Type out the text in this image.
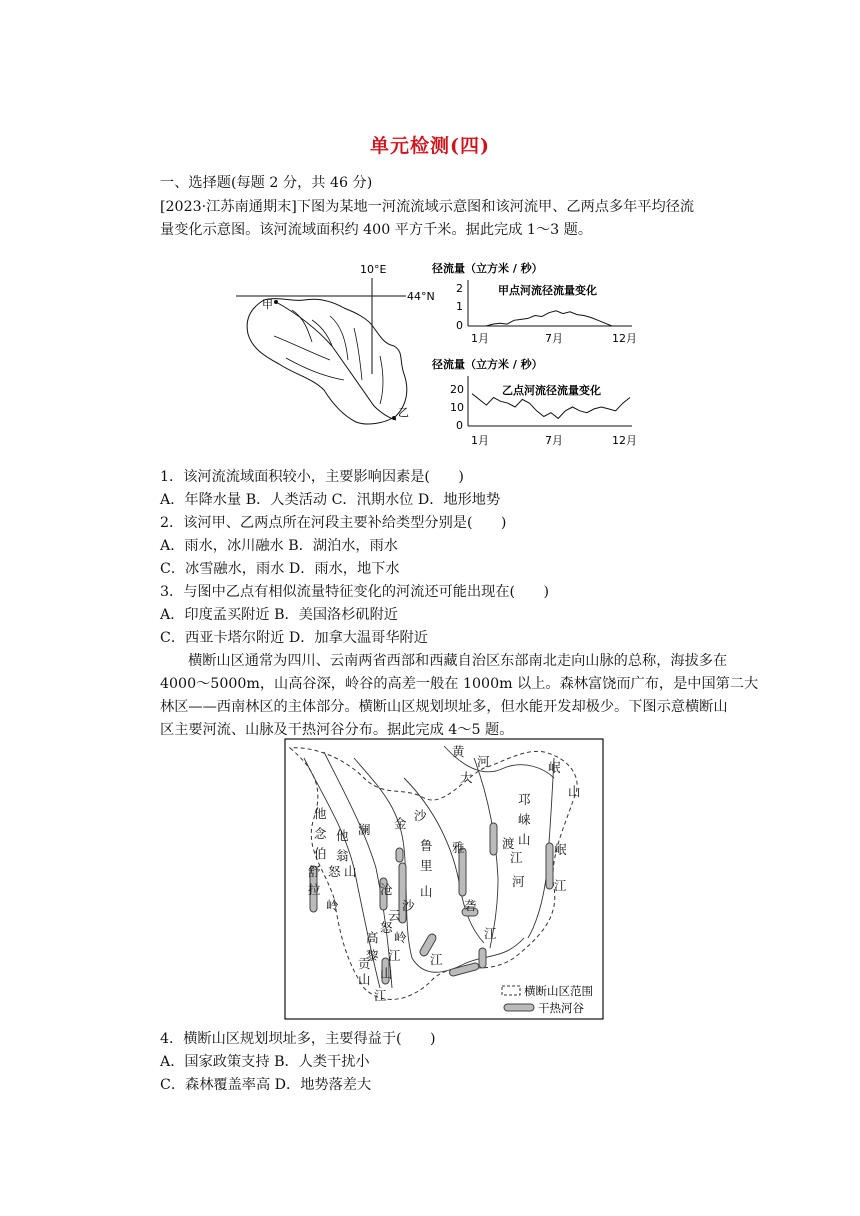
单元检测(四)
一、选择题(每题 2 分，共 46 分)
[2023·江苏南通期末]下图为某地一河流流域示意图和该河流甲、乙两点多年平均径流
量变化示意图。该河流域面积约 400 平方千米。据此完成 1～3 题。
10°E
44°N
甲
乙
径流量（立方米 / 秒）
2
1
0
甲点河流径流量变化
1月	7月	12月
径流量（立方米 / 秒）
20
10
0
乙点河流径流量变化
1月	7月	12月
1．该河流流域面积较小，主要影响因素是(　　)
A．年降水量 B．人类活动 C．汛期水位 D．地形地势
2．该河甲、乙两点所在河段主要补给类型分别是(　　)
A．雨水，冰川融水 B．湖泊水，雨水
C．冰雪融水，雨水 D．雨水，地下水
3．与图中乙点有相似流量特征变化的河流还可能出现在(　　)
A．印度孟买附近 B．美国洛杉矶附近
C．西亚卡塔尔附近 D．加拿大温哥华附近
横断山区通常为四川、云南两省西部和西藏自治区东部南北走向山脉的总称，海拔多在
4000～5000m，山高谷深，岭谷的高差一般在 1000m 以上。森林富饶而广布，是中国第二大
林区——西南林区的主体部分。横断山区规划坝址多，但水能开发却极少。下图示意横断山
区主要河流、山脉及干热河谷分布。据此完成 4～5 题。
黄
河
大
岷
山
邛
崃
山
他
念 他
翁
伯
舒 怒
拉
山
岭
澜
沧
金
沙
沙
鲁
里
山
雅
砻
江
渡
河
岷
江
云
岭
怒
江
高
黎
贡
山 山
江
江
江
横断山区范围
干热河谷
4．横断山区规划坝址多，主要得益于(　　)
A．国家政策支持 B．人类干扰小
C．森林覆盖率高 D．地势落差大
